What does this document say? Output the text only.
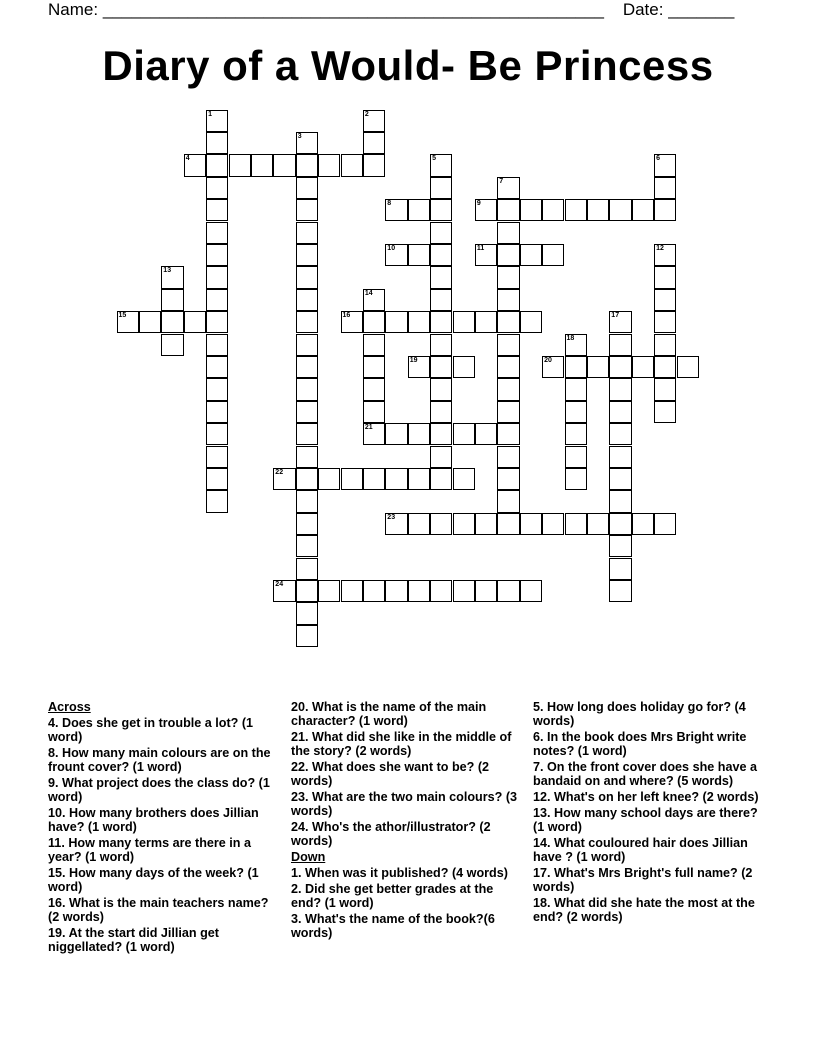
Name: _____________________________________________________ Date: _______
Diary of a Would- Be Princess
4
8	9
10	11
15	16
19	20
21
22
23
24
1	2
3
5	6
7
12
13
14
17
18
Across
4. Does she get in trouble a lot? (1 word)
8. How many main colours are on the frount cover? (1 word)
9. What project does the class do? (1 word)
10. How many brothers does Jillian have? (1 word)
11. How many terms are there in a year? (1 word)
15. How many days of the week? (1 word)
16. What is the main teachers name? (2 words)
19. At the start did Jillian get niggellated? (1 word)
20. What is the name of the main character? (1 word)
21. What did she like in the middle of the story? (2 words)
22. What does she want to be? (2 words)
23. What are the two main colours? (3 words)
24. Who's the athor/illustrator? (2 words)
Down
1. When was it published? (4 words)
2. Did she get better grades at the end? (1 word)
3. What's the name of the book?(6 words)
5. How long does holiday go for? (4 words)
6. In the book does Mrs Bright write notes? (1 word)
7. On the front cover does she have a bandaid on and where? (5 words)
12. What's on her left knee? (2 words)
13. How many school days are there? (1 word)
14. What couloured hair does Jillian have ? (1 word)
17. What's Mrs Bright's full name? (2 words)
18. What did she hate the most at the end? (2 words)
